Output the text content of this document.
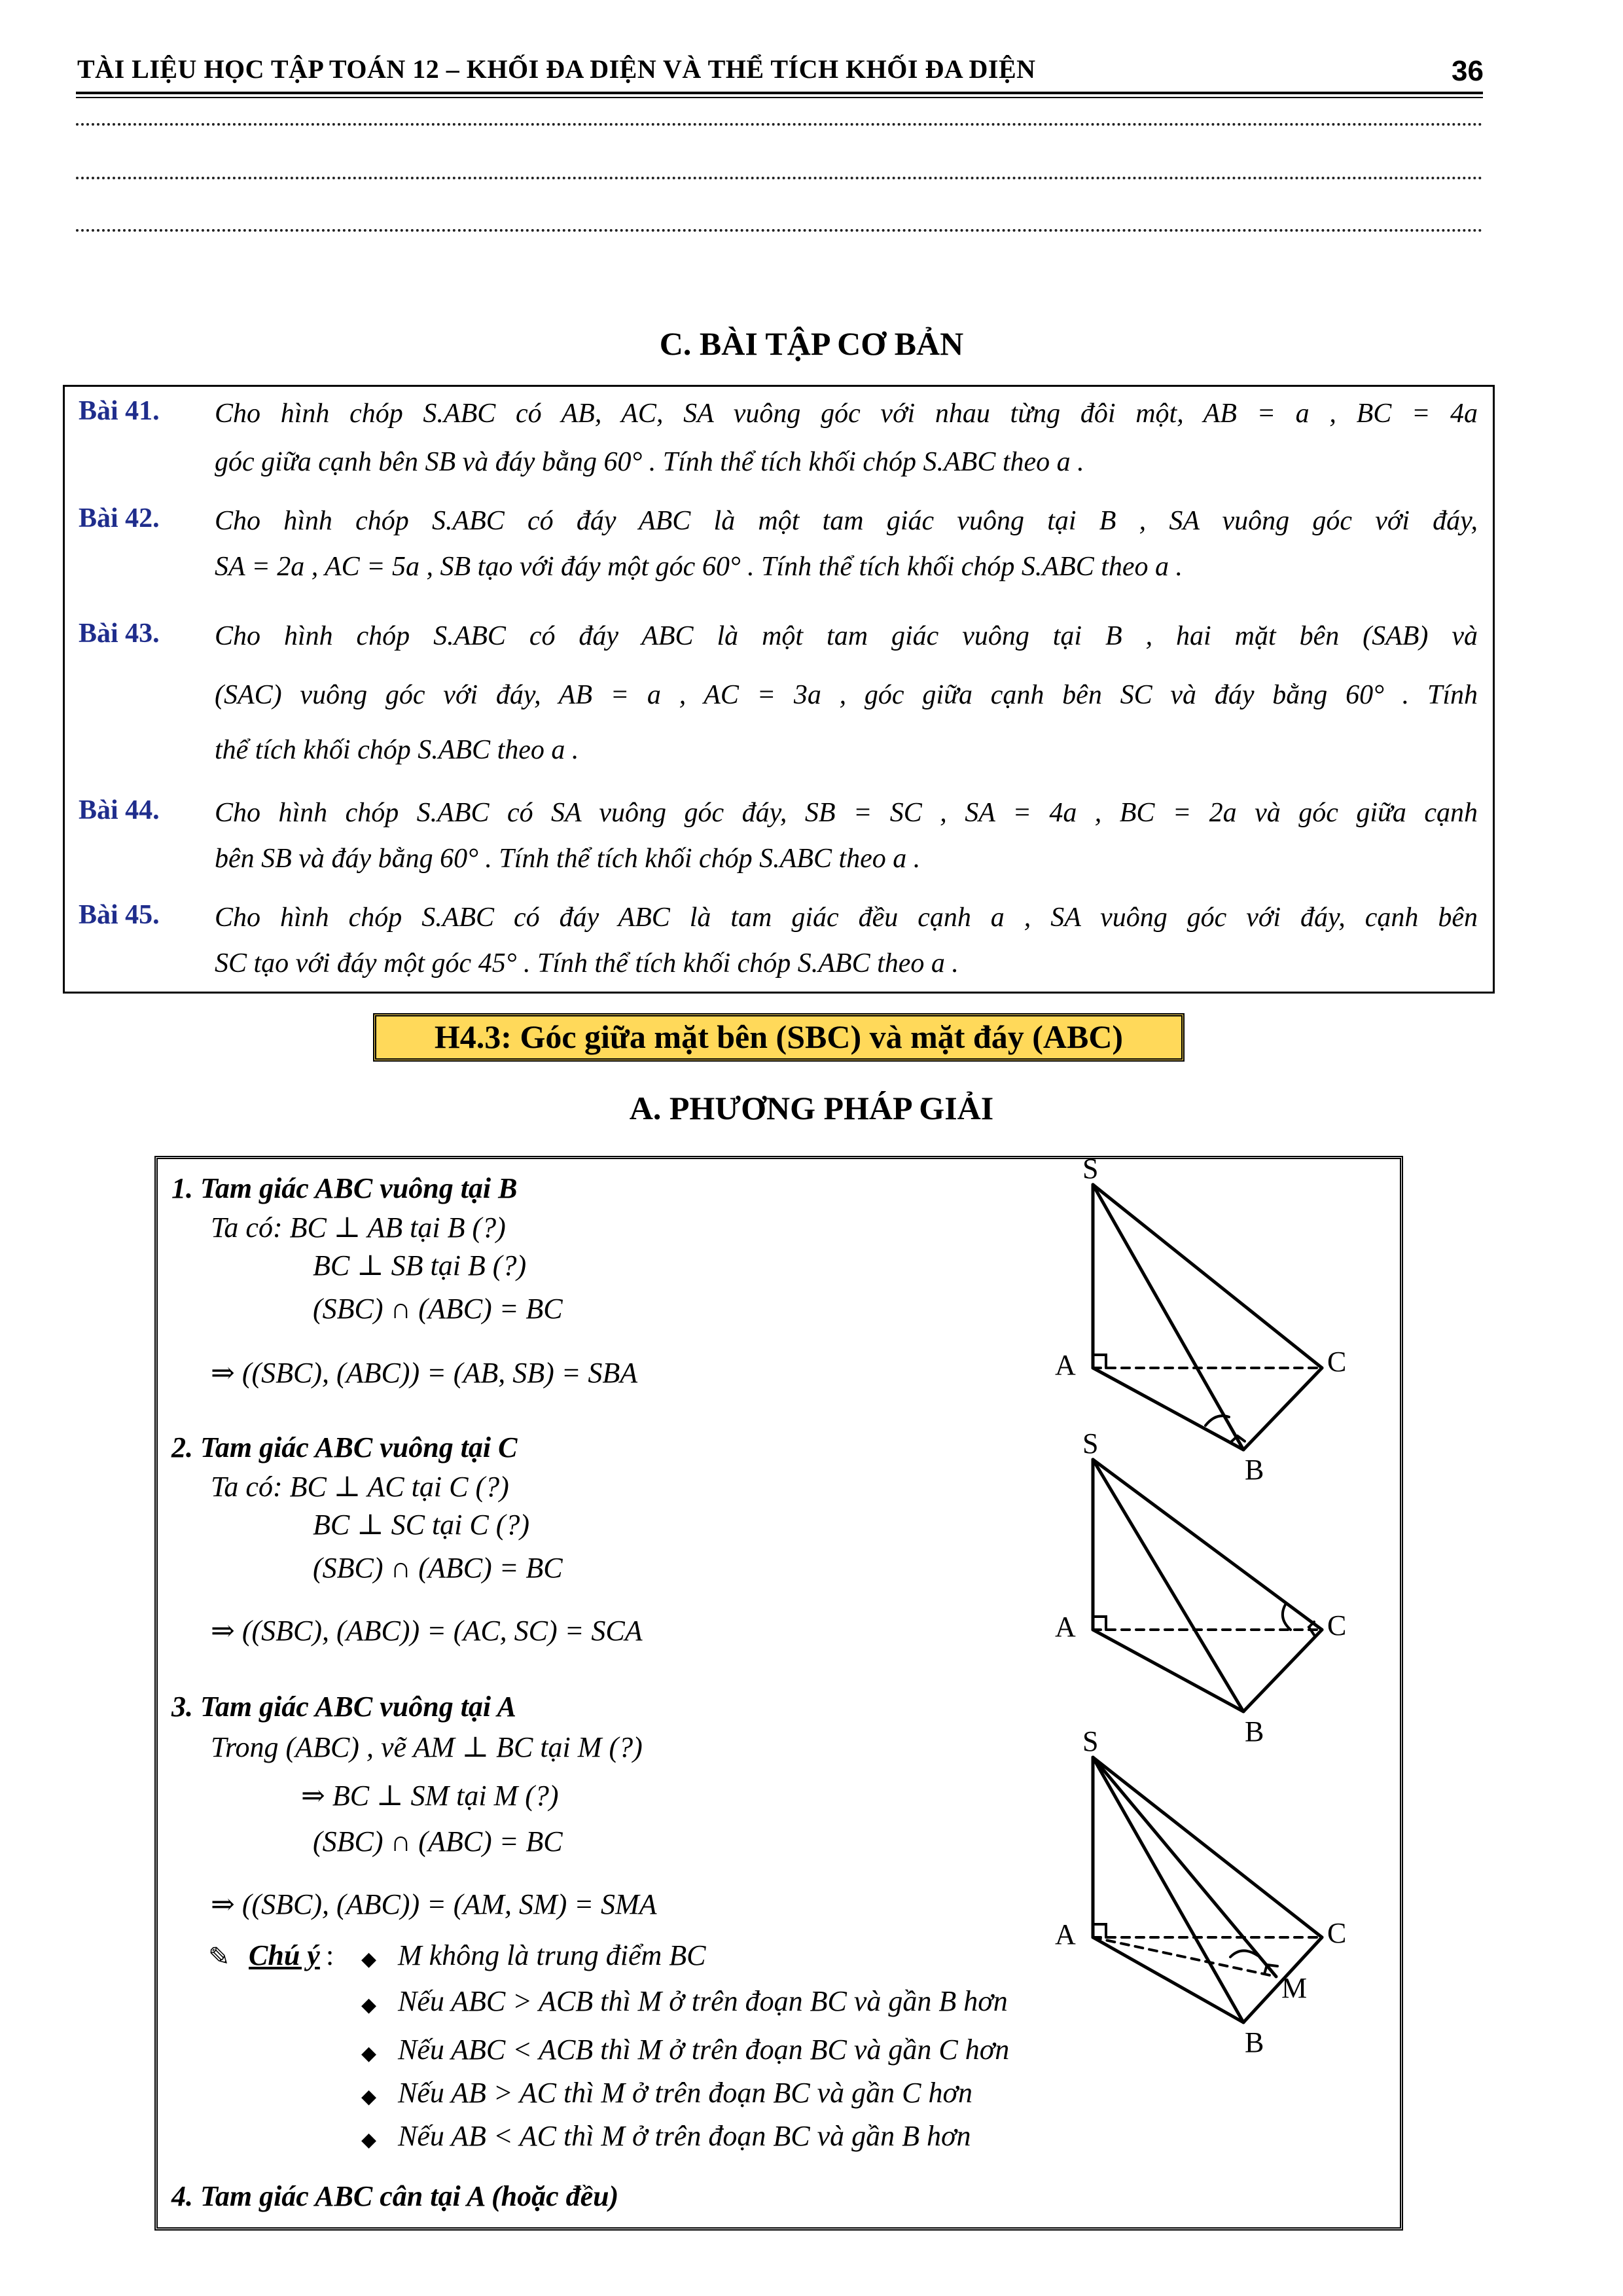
TÀI LIỆU HỌC TẬP TOÁN 12 – KHỐI ĐA DIỆN VÀ THỂ TÍCH KHỐI ĐA DIỆN	36
C. BÀI TẬP CƠ BẢN
Bài 41. Cho hình chóp S.ABC có AB, AC, SA vuông góc với nhau từng đôi một, AB = a , BC = 4a
góc giữa cạnh bên SB và đáy bằng 60° . Tính thể tích khối chóp S.ABC theo a .
Bài 42. Cho hình chóp S.ABC có đáy ABC là một tam giác vuông tại B , SA vuông góc với đáy,
SA = 2a , AC = 5a , SB tạo với đáy một góc 60° . Tính thể tích khối chóp S.ABC theo a .
Bài 43. Cho hình chóp S.ABC có đáy ABC là một tam giác vuông tại B , hai mặt bên (SAB) và
(SAC) vuông góc với đáy, AB = a , AC = 3a , góc giữa cạnh bên SC và đáy bằng 60° . Tính
thể tích khối chóp S.ABC theo a .
Bài 44. Cho hình chóp S.ABC có SA vuông góc đáy, SB = SC , SA = 4a , BC = 2a và góc giữa cạnh
bên SB và đáy bằng 60° . Tính thể tích khối chóp S.ABC theo a .
Bài 45. Cho hình chóp S.ABC có đáy ABC là tam giác đều cạnh a , SA vuông góc với đáy, cạnh bên
SC tạo với đáy một góc 45° . Tính thể tích khối chóp S.ABC theo a .
H4.3: Góc giữa mặt bên (SBC) và mặt đáy (ABC)
A. PHƯƠNG PHÁP GIẢI
1. Tam giác ABC vuông tại B
Ta có: BC ⊥ AB tại B (?)
BC ⊥ SB tại B (?)
(SBC) ∩ (ABC) = BC
⇒ ((SBC), (ABC)) = (AB, SB) = SBA
2. Tam giác ABC vuông tại C
Ta có: BC ⊥ AC tại C (?)
BC ⊥ SC tại C (?)
(SBC) ∩ (ABC) = BC
⇒ ((SBC), (ABC)) = (AC, SC) = SCA
3. Tam giác ABC vuông tại A
Trong (ABC) , vẽ AM ⊥ BC tại M (?)
⇒ BC ⊥ SM tại M (?)
(SBC) ∩ (ABC) = BC
⇒ ((SBC), (ABC)) = (AM, SM) = SMA
✎ Chú ý : ◆ M không là trung điểm BC
◆ Nếu ABC > ACB thì M ở trên đoạn BC và gần B hơn
◆ Nếu ABC < ACB thì M ở trên đoạn BC và gần C hơn
◆ Nếu AB > AC thì M ở trên đoạn BC và gần C hơn
◆ Nếu AB < AC thì M ở trên đoạn BC và gần B hơn
4. Tam giác ABC cân tại A (hoặc đều)
S
A	C
B
S
A	C
B
S
A	C
M
B
